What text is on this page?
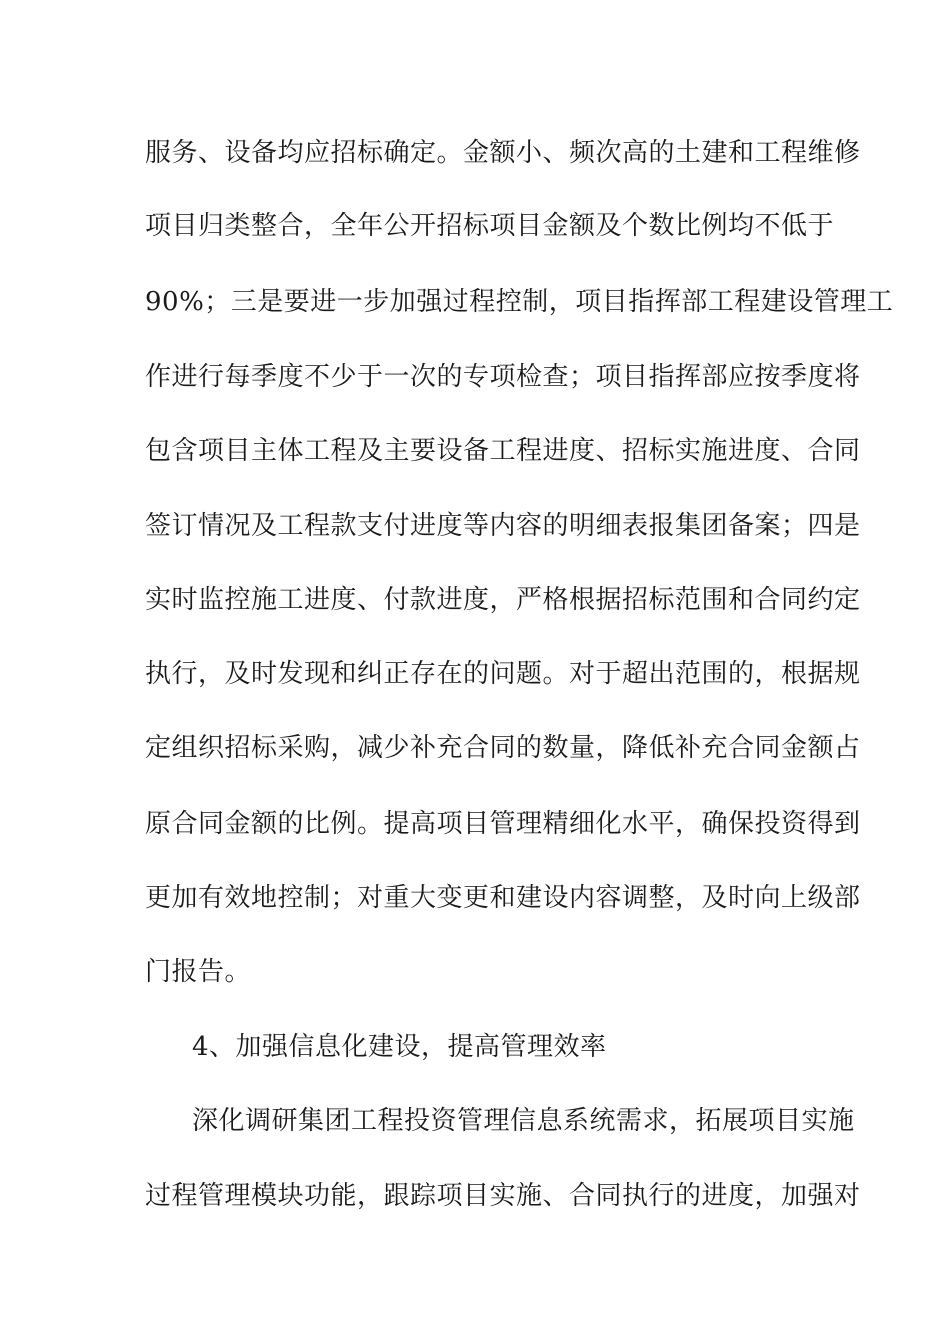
服务、设备均应招标确定。金额小、频次高的土建和工程维修
项目归类整合，全年公开招标项目金额及个数比例均不低于
90%；三是要进一步加强过程控制，项目指挥部工程建设管理工
作进行每季度不少于一次的专项检查；项目指挥部应按季度将
包含项目主体工程及主要设备工程进度、招标实施进度、合同
签订情况及工程款支付进度等内容的明细表报集团备案；四是
实时监控施工进度、付款进度，严格根据招标范围和合同约定
执行，及时发现和纠正存在的问题。对于超出范围的，根据规
定组织招标采购，减少补充合同的数量，降低补充合同金额占
原合同金额的比例。提高项目管理精细化水平，确保投资得到
更加有效地控制；对重大变更和建设内容调整，及时向上级部
门报告。
4、加强信息化建设，提高管理效率
深化调研集团工程投资管理信息系统需求，拓展项目实施
过程管理模块功能，跟踪项目实施、合同执行的进度，加强对
